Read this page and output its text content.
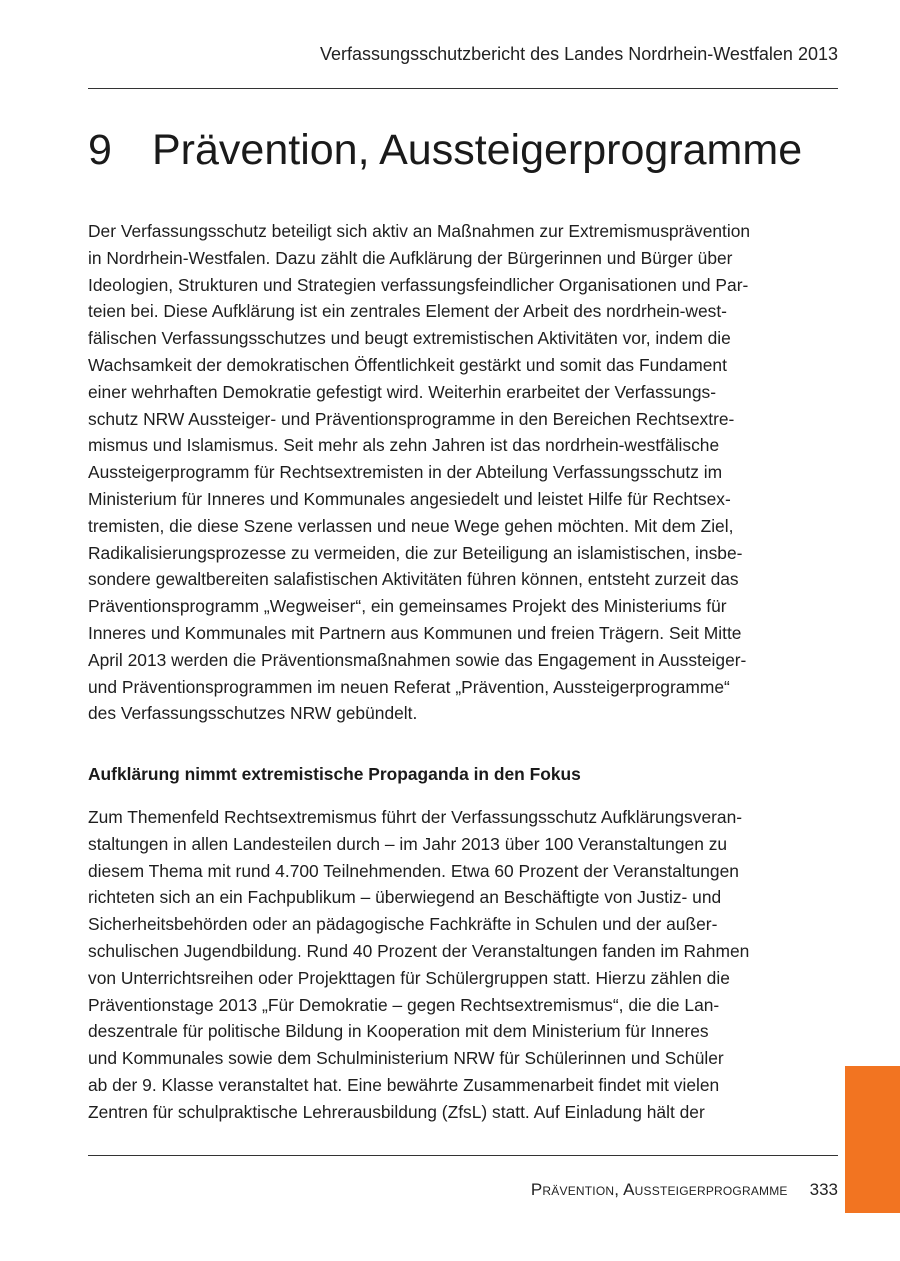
Verfassungsschutzbericht des Landes Nordrhein-Westfalen 2013
9 Prävention, Aussteigerprogramme

Der Verfassungsschutz beteiligt sich aktiv an Maßnahmen zur Extremismusprävention
in Nordrhein-Westfalen. Dazu zählt die Aufklärung der Bürgerinnen und Bürger über
Ideologien, Strukturen und Strategien verfassungsfeindlicher Organisationen und Par-
teien bei. Diese Aufklärung ist ein zentrales Element der Arbeit des nordrhein-west-
fälischen Verfassungsschutzes und beugt extremistischen Aktivitäten vor, indem die
Wachsamkeit der demokratischen Öffentlichkeit gestärkt und somit das Fundament
einer wehrhaften Demokratie gefestigt wird. Weiterhin erarbeitet der Verfassungs-
schutz NRW Aussteiger- und Präventionsprogramme in den Bereichen Rechtsextre-
mismus und Islamismus. Seit mehr als zehn Jahren ist das nordrhein-westfälische
Aussteigerprogramm für Rechtsextremisten in der Abteilung Verfassungsschutz im
Ministerium für Inneres und Kommunales angesiedelt und leistet Hilfe für Rechtsex-
tremisten, die diese Szene verlassen und neue Wege gehen möchten. Mit dem Ziel,
Radikalisierungsprozesse zu vermeiden, die zur Beteiligung an islamistischen, insbe-
sondere gewaltbereiten salafistischen Aktivitäten führen können, entsteht zurzeit das
Präventionsprogramm „Wegweiser“, ein gemeinsames Projekt des Ministeriums für
Inneres und Kommunales mit Partnern aus Kommunen und freien Trägern. Seit Mitte
April 2013 werden die Präventionsmaßnahmen sowie das Engagement in Aussteiger-
und Präventionsprogrammen im neuen Referat „Prävention, Aussteigerprogramme“
des Verfassungsschutzes NRW gebündelt.

Aufklärung nimmt extremistische Propaganda in den Fokus

Zum Themenfeld Rechtsextremismus führt der Verfassungsschutz Aufklärungsveran-
staltungen in allen Landesteilen durch – im Jahr 2013 über 100 Veranstaltungen zu
diesem Thema mit rund 4.700 Teilnehmenden. Etwa 60 Prozent der Veranstaltungen
richteten sich an ein Fachpublikum – überwiegend an Beschäftigte von Justiz- und
Sicherheitsbehörden oder an pädagogische Fachkräfte in Schulen und der außer-
schulischen Jugendbildung. Rund 40 Prozent der Veranstaltungen fanden im Rahmen
von Unterrichtsreihen oder Projekttagen für Schülergruppen statt. Hierzu zählen die
Präventionstage 2013 „Für Demokratie – gegen Rechtsextremismus“, die die Lan-
deszentrale für politische Bildung in Kooperation mit dem Ministerium für Inneres
und Kommunales sowie dem Schulministerium NRW für Schülerinnen und Schüler
ab der 9. Klasse veranstaltet hat. Eine bewährte Zusammenarbeit findet mit vielen
Zentren für schulpraktische Lehrerausbildung (ZfsL) statt. Auf Einladung hält der

Prävention, Aussteigerprogramme 333
